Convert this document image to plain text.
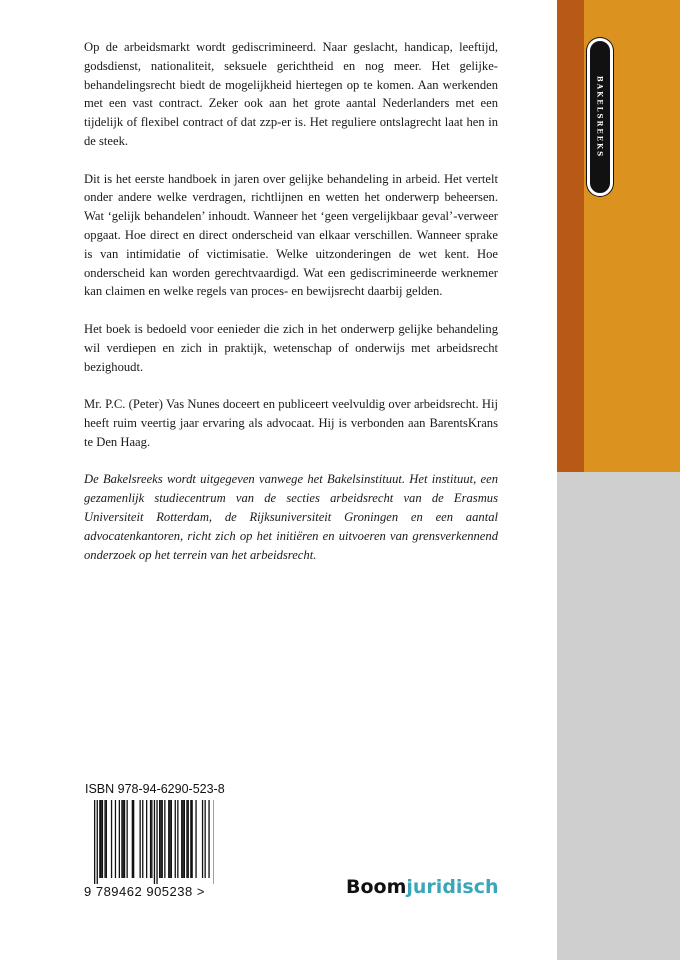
BAKELSREEKS

Op de arbeidsmarkt wordt gediscrimineerd. Naar geslacht, handicap, leeftijd, godsdienst, nationaliteit, seksuele gerichtheid en nog meer. Het gelijkebehandelingsrecht biedt de mogelijkheid hiertegen op te komen. Aan werkenden met een vast contract. Zeker ook aan het grote aantal Nederlanders met een tijdelijk of flexibel contract of dat zzp-er is. Het reguliere ontslagrecht laat hen in de steek.

Dit is het eerste handboek in jaren over gelijke behandeling in arbeid. Het vertelt onder andere welke verdragen, richtlijnen en wetten het onderwerp beheersen. Wat ‘gelijk behandelen’ inhoudt. Wanneer het ‘geen vergelijkbaar geval’-verweer opgaat. Hoe direct en direct onderscheid van elkaar verschillen. Wanneer sprake is van intimidatie of victimisatie. Welke uitzonderingen de wet kent. Hoe onderscheid kan worden gerechtvaardigd. Wat een gediscrimineerde werknemer kan claimen en welke regels van proces- en bewijsrecht daarbij gelden.

Het boek is bedoeld voor eenieder die zich in het onderwerp gelijke behandeling wil verdiepen en zich in praktijk, wetenschap of onderwijs met arbeidsrecht bezighoudt.

Mr. P.C. (Peter) Vas Nunes doceert en publiceert veelvuldig over arbeidsrecht. Hij heeft ruim veertig jaar ervaring als advocaat. Hij is verbonden aan BarentsKrans te Den Haag.

De Bakelsreeks wordt uitgegeven vanwege het Bakelsinstituut. Het instituut, een gezamenlijk studiecentrum van de secties arbeidsrecht van de Erasmus Universiteit Rotterdam, de Rijksuniversiteit Groningen en een aantal advocatenkantoren, richt zich op het initiëren en uitvoeren van grensverkennend onderzoek op het terrein van het arbeidsrecht.

ISBN 978-94-6290-523-8
9 789462 905238 >	Boomjuridisch
